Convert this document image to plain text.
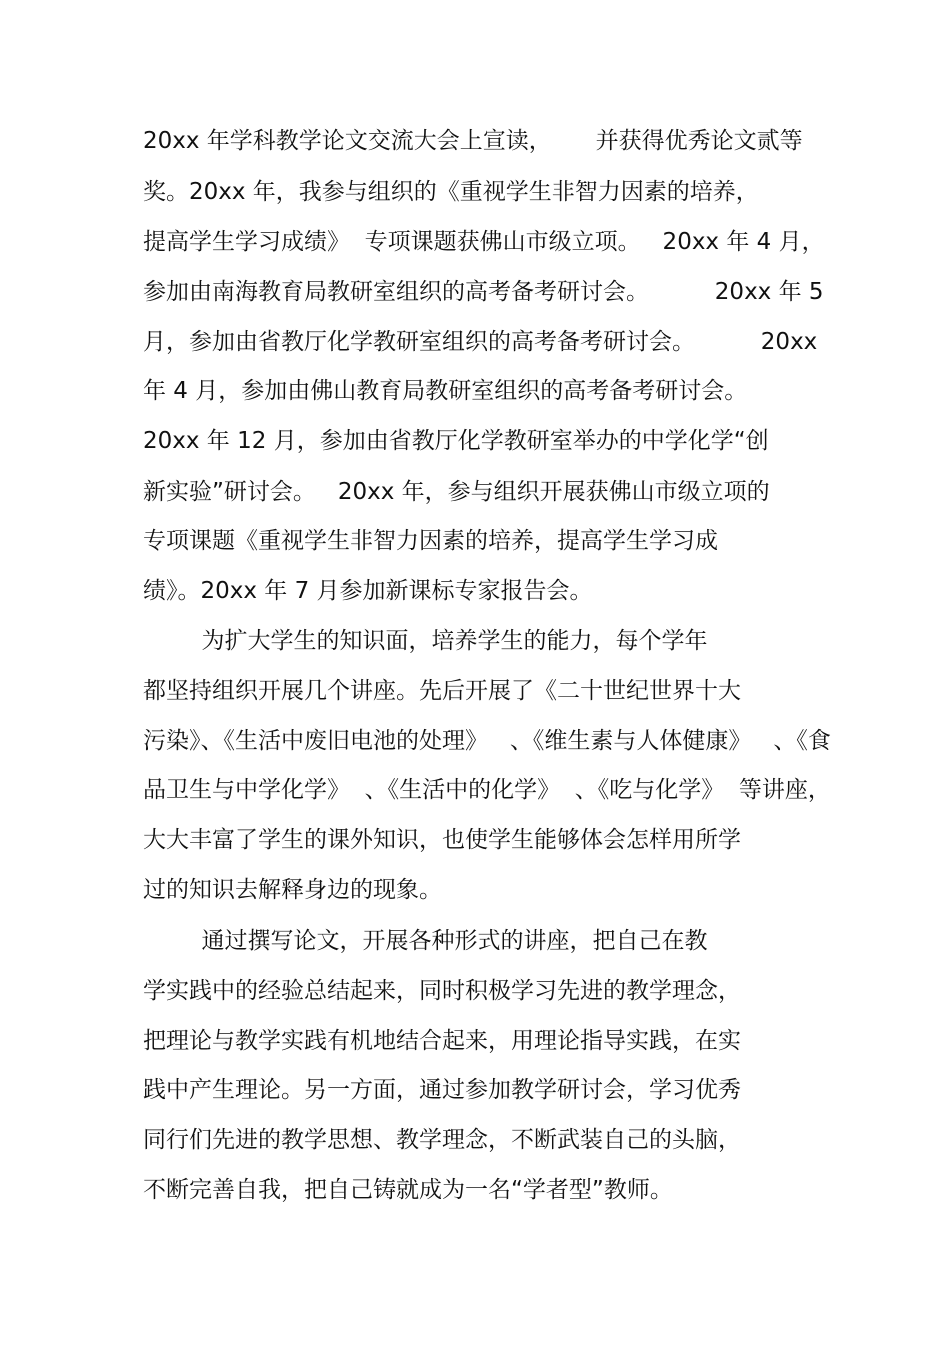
20xx 年学科教学论文交流大会上宣读，      并获得优秀论文贰等
奖。20xx 年，我参与组织的《重视学生非智力因素的培养，
提高学生学习成绩》  专项课题获佛山市级立项。   20xx 年 4 月，
参加由南海教育局教研室组织的高考备考研讨会。         20xx 年 5
月，参加由省教厅化学教研室组织的高考备考研讨会。         20xx
年 4 月，参加由佛山教育局教研室组织的高考备考研讨会。
20xx 年 12 月，参加由省教厅化学教研室举办的中学化学“创
新实验”研讨会。   20xx 年，参与组织开展获佛山市级立项的
专项课题《重视学生非智力因素的培养，提高学生学习成
绩》。20xx 年 7 月参加新课标专家报告会。
为扩大学生的知识面，培养学生的能力，每个学年
都坚持组织开展几个讲座。先后开展了《二十世纪世界十大
污染》、《生活中废旧电池的处理》   、《维生素与人体健康》   、《食
品卫生与中学化学》  、《生活中的化学》  、《吃与化学》  等讲座，
大大丰富了学生的课外知识，也使学生能够体会怎样用所学
过的知识去解释身边的现象。
通过撰写论文，开展各种形式的讲座，把自己在教
学实践中的经验总结起来，同时积极学习先进的教学理念，
把理论与教学实践有机地结合起来，用理论指导实践，在实
践中产生理论。另一方面，通过参加教学研讨会，学习优秀
同行们先进的教学思想、教学理念，不断武装自己的头脑，
不断完善自我，把自己铸就成为一名“学者型”教师。
